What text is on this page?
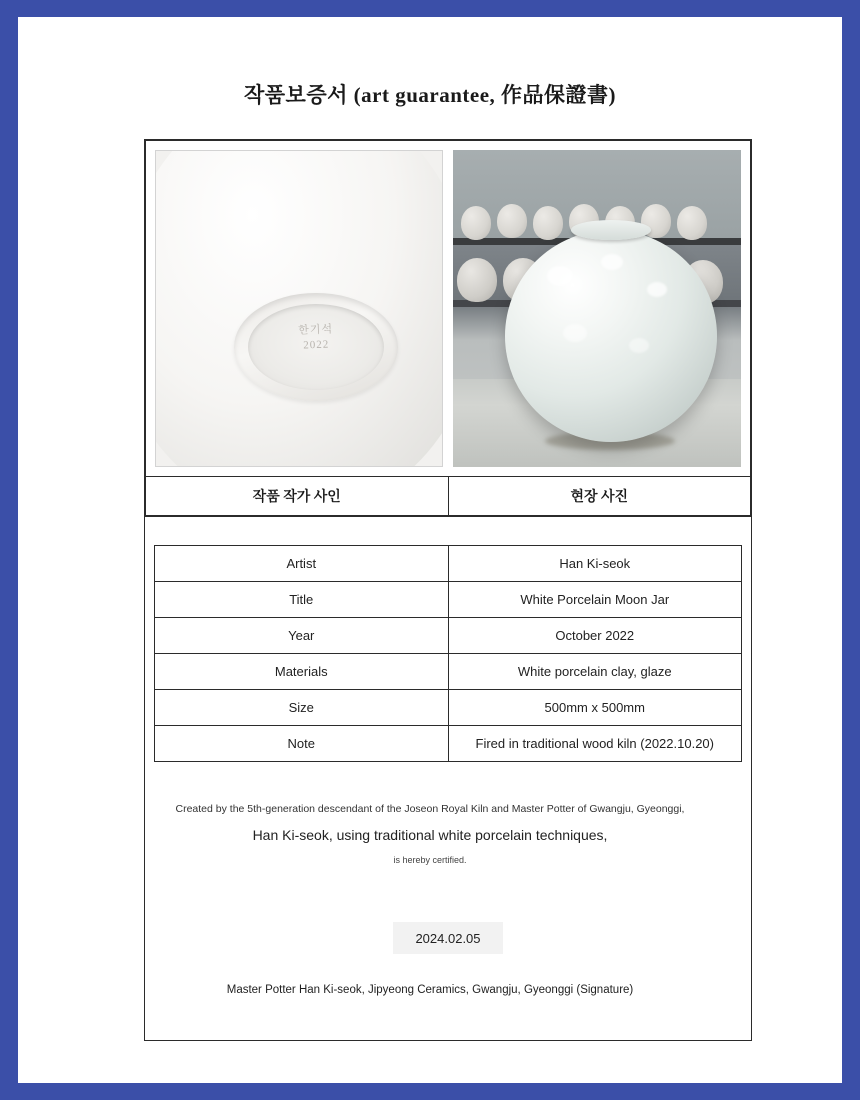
작품보증서 (art guarantee, 作品保證書)
한기석
2022
작품 작가 사인	현장 사진
Artist	Han Ki-seok
Title	White Porcelain Moon Jar
Year	October 2022
Materials	White porcelain clay, glaze
Size	500mm x 500mm
Note	Fired in traditional wood kiln (2022.10.20)
Created by the 5th-generation descendant of the Joseon Royal Kiln and Master Potter of Gwangju, Gyeonggi,
Han Ki-seok, using traditional white porcelain techniques,
is hereby certified.
2024.02.05
Master Potter Han Ki-seok, Jipyeong Ceramics, Gwangju, Gyeonggi (Signature)
